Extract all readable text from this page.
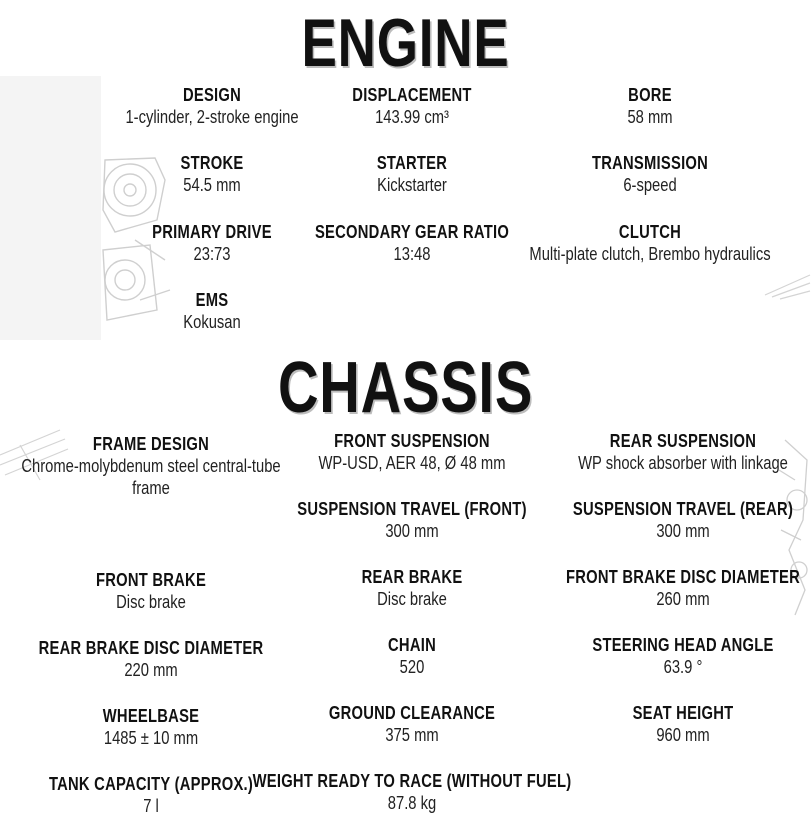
ENGINE
DESIGN
1-cylinder, 2-stroke engine
DISPLACEMENT
143.99 cm³
BORE
58 mm
STROKE
54.5 mm
STARTER
Kickstarter
TRANSMISSION
6-speed
PRIMARY DRIVE
23:73
SECONDARY GEAR RATIO
13:48
CLUTCH
Multi-plate clutch, Brembo hydraulics
EMS
Kokusan
CHASSIS
FRAME DESIGN
Chrome-molybdenum steel central-tube frame
FRONT SUSPENSION
WP-USD, AER 48, Ø 48 mm
REAR SUSPENSION
WP shock absorber with linkage
SUSPENSION TRAVEL (FRONT)
300 mm
SUSPENSION TRAVEL (REAR)
300 mm
FRONT BRAKE
Disc brake
REAR BRAKE
Disc brake
FRONT BRAKE DISC DIAMETER
260 mm
REAR BRAKE DISC DIAMETER
220 mm
CHAIN
520
STEERING HEAD ANGLE
63.9 °
WHEELBASE
1485 ± 10 mm
GROUND CLEARANCE
375 mm
SEAT HEIGHT
960 mm
TANK CAPACITY (APPROX.)
7 l
WEIGHT READY TO RACE (WITHOUT FUEL)
87.8 kg
